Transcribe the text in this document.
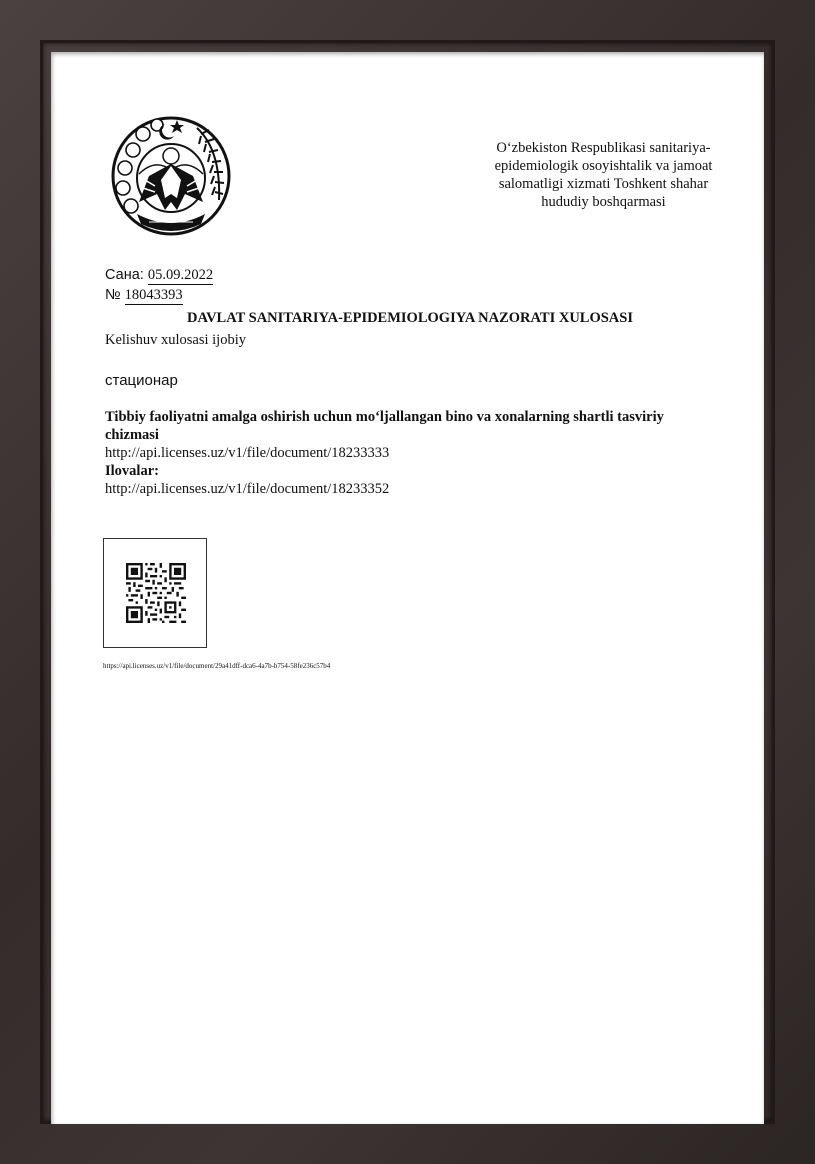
O‘zbekiston Respublikasi sanitariya-
epidemiologik osoyishtalik va jamoat
salomatligi xizmati Toshkent shahar
hududiy boshqarmasi
Сана: 05.09.2022
№ 18043393
DAVLAT SANITARIYA-EPIDEMIOLOGIYA NAZORATI XULOSASI
Kelishuv xulosasi ijobiy
стационар
Tibbiy faoliyatni amalga oshirish uchun mo‘ljallangan bino va xonalarning shartli tasviriy chizmasi
http://api.licenses.uz/v1/file/document/18233333
Ilovalar:
http://api.licenses.uz/v1/file/document/18233352
https://api.licenses.uz/v1/file/document/29a41dff-dca6-4a7b-b754-58fe236c57b4
